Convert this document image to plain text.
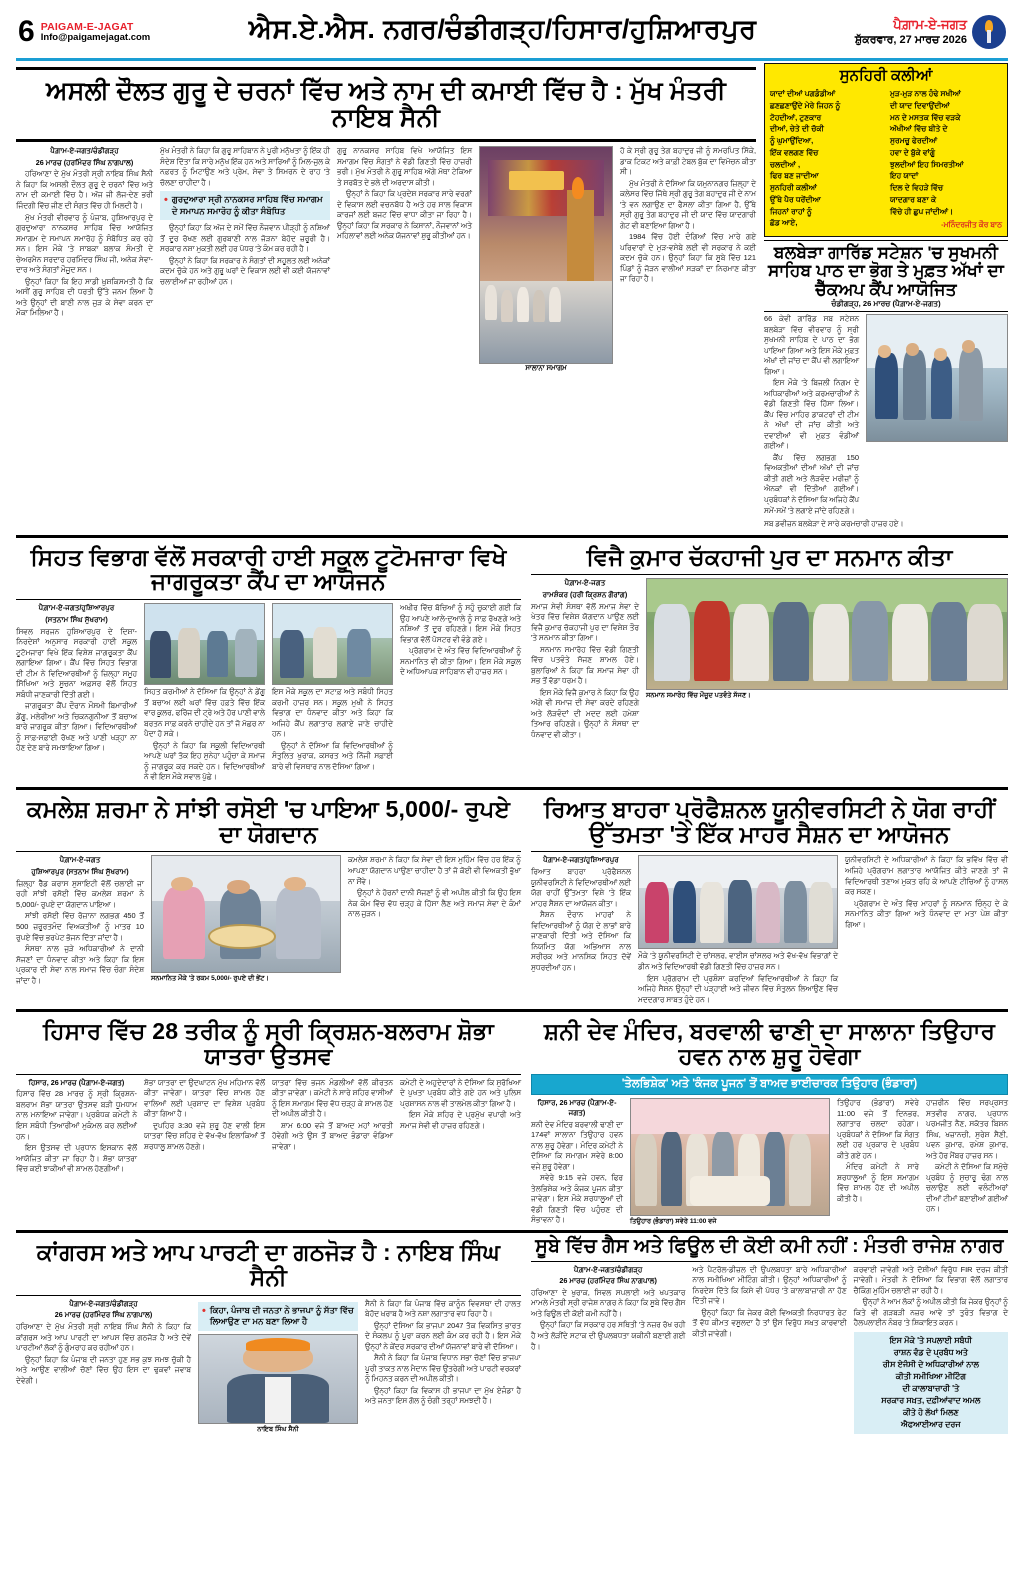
6 PAIGAM-E-JAGAT
Info@paigamejagat.com	ਐਸ.ਏ.ਐਸ. ਨਗਰ/ਚੰਡੀਗੜ੍ਹ/ਹਿਸਾਰ/ਹੁਸ਼ਿਆਰਪੁਰ	ਪੈਗ਼ਾਮ-ਏ-ਜਗਤ
ਸ਼ੁੱਕਰਵਾਰ, 27 ਮਾਰਚ 2026
ਅਸਲੀ ਦੌਲਤ ਗੁਰੂ ਦੇ ਚਰਨਾਂ ਵਿੱਚ ਅਤੇ ਨਾਮ ਦੀ ਕਮਾਈ ਵਿੱਚ ਹੈ : ਮੁੱਖ ਮੰਤਰੀ ਨਾਇਬ ਸੈਨੀ
ਪੈਗ਼ਾਮ-ਏ-ਜਗਤ/ਚੰਡੀਗੜ੍ਹ
26 ਮਾਰਚ (ਹਰਮਿੰਦਰ ਸਿੰਘ ਨਾਗਪਾਲ)

ਹਰਿਆਣਾ ਦੇ ਮੁੱਖ ਮੰਤਰੀ ਸ੍ਰੀ ਨਾਇਬ ਸਿੰਘ ਸੈਨੀ ਨੇ ਕਿਹਾ ਕਿ ਅਸਲੀ ਦੌਲਤ ਗੁਰੂ ਦੇ ਚਰਨਾਂ ਵਿੱਚ ਅਤੇ ਨਾਮ ਦੀ ਕਮਾਈ ਵਿੱਚ ਹੈ। ਅੱਜ ਜੀ ਲੱਜ-ਦੇਣ ਭਰੀ ਜਿੰਦਗੀ ਵਿੱਚ ਜੀਣ ਦੀ ਸੰਗਤ ਵਿੱਚ ਹੀ ਮਿਲਦੀ ਹੈ।

ਮੁੱਖ ਮੰਤਰੀ ਵੀਰਵਾਰ ਨੂੰ ਪੰਜਾਬ, ਹੁਸ਼ਿਆਰਪੁਰ ਦੇ ਗੁਰਦੁਆਰਾ ਨਾਨਕਸਰ ਸਾਹਿਬ ਵਿੱਚ ਆਯੋਜਿਤ ਸਮਾਗਮ ਦੇ ਸਮਾਪਨ ਸਮਾਰੋਹ ਨੂੰ ਸੰਬੋਧਿਤ ਕਰ ਰਹੇ ਸਨ। ਇਸ ਮੌਕੇ 'ਤੇ ਸਾਬਕਾ ਬਲਾਕ ਸੰਮਤੀ ਦੇ ਚੇਅਰਮੈਨ ਸਰਦਾਰ ਹਰਮਿੰਦਰ ਸਿੰਘ ਜੀ, ਅਨੇਕ ਸੇਵਾ-ਦਾਰ ਅਤੇ ਸੰਗਤਾਂ ਮੌਜੂਦ ਸਨ।

ਉਨ੍ਹਾਂ ਕਿਹਾ ਕਿ ਇਹ ਸਾਡੀ ਖ਼ੁਸ਼ਕਿਸਮਤੀ ਹੈ ਕਿ ਅਸੀਂ ਗੁਰੂ ਸਾਹਿਬ ਦੀ ਧਰਤੀ ਉੱਤੇ ਜਨਮ ਲਿਆ ਹੈ ਅਤੇ ਉਨ੍ਹਾਂ ਦੀ ਬਾਣੀ ਨਾਲ ਜੁੜ ਕੇ ਸੇਵਾ ਕਰਨ ਦਾ ਮੌਕਾ ਮਿਲਿਆ ਹੈ।

ਮੁੱਖ ਮੰਤਰੀ ਨੇ ਕਿਹਾ ਕਿ ਗੁਰੂ ਸਾਹਿਬਾਨ ਨੇ ਪੂਰੀ ਮਨੁੱਖਤਾ ਨੂੰ ਇੱਕ ਹੀ ਸੰਦੇਸ਼ ਦਿੱਤਾ ਕਿ ਸਾਰੇ ਮਨੁੱਖ ਇੱਕ ਹਨ ਅਤੇ ਸਾਰਿਆਂ ਨੂੰ ਮਿਲ-ਜੁਲ ਕੇ ਨਫ਼ਰਤ ਨੂੰ ਮਿਟਾਉਣ ਅਤੇ ਪ੍ਰੇਮ, ਸੇਵਾ ਤੇ ਸਿਮਰਨ ਦੇ ਰਾਹ 'ਤੇ ਚੱਲਣਾ ਚਾਹੀਦਾ ਹੈ।

• ਗੁਰਦੁਆਰਾ ਸ੍ਰੀ ਨਾਨਕਸਰ ਸਾਹਿਬ ਵਿੱਚ ਸਮਾਗਮ ਦੇ ਸਮਾਪਨ ਸਮਾਰੋਹ ਨੂੰ ਕੀਤਾ ਸੰਬੋਧਿਤ

ਉਨ੍ਹਾਂ ਕਿਹਾ ਕਿ ਅੱਜ ਦੇ ਸਮੇਂ ਵਿੱਚ ਨੌਜਵਾਨ ਪੀੜ੍ਹੀ ਨੂੰ ਨਸ਼ਿਆਂ ਤੋਂ ਦੂਰ ਰੱਖਣ ਲਈ ਗੁਰਬਾਣੀ ਨਾਲ ਜੋੜਨਾ ਬੇਹੱਦ ਜ਼ਰੂਰੀ ਹੈ। ਸਰਕਾਰ ਨਸ਼ਾ ਮੁਕਤੀ ਲਈ ਹਰ ਪੱਧਰ 'ਤੇ ਕੰਮ ਕਰ ਰਹੀ ਹੈ।

ਉਨ੍ਹਾਂ ਨੇ ਕਿਹਾ ਕਿ ਸਰਕਾਰ ਨੇ ਸੰਗਤਾਂ ਦੀ ਸਹੂਲਤ ਲਈ ਅਨੇਕਾਂ ਕਦਮ ਚੁੱਕੇ ਹਨ ਅਤੇ ਗੁਰੂ ਘਰਾਂ ਦੇ ਵਿਕਾਸ ਲਈ ਵੀ ਕਈ ਯੋਜਨਾਵਾਂ ਚਲਾਈਆਂ ਜਾ ਰਹੀਆਂ ਹਨ।

ਗੁਰੂ ਨਾਨਕਸਰ ਸਾਹਿਬ ਵਿਖੇ ਆਯੋਜਿਤ ਇਸ ਸਮਾਗਮ ਵਿੱਚ ਸੰਗਤਾਂ ਨੇ ਵੱਡੀ ਗਿਣਤੀ ਵਿੱਚ ਹਾਜ਼ਰੀ ਭਰੀ। ਮੁੱਖ ਮੰਤਰੀ ਨੇ ਗੁਰੂ ਸਾਹਿਬ ਅੱਗੇ ਮੱਥਾ ਟੇਕਿਆ ਤੇ ਸਰਬੱਤ ਦੇ ਭਲੇ ਦੀ ਅਰਦਾਸ ਕੀਤੀ।

ਉਨ੍ਹਾਂ ਨੇ ਕਿਹਾ ਕਿ ਪ੍ਰਦੇਸ਼ ਸਰਕਾਰ ਸਾਰੇ ਵਰਗਾਂ ਦੇ ਵਿਕਾਸ ਲਈ ਵਚਨਬੱਧ ਹੈ ਅਤੇ ਹਰ ਸਾਲ ਵਿਕਾਸ ਕਾਰਜਾਂ ਲਈ ਬਜਟ ਵਿੱਚ ਵਾਧਾ ਕੀਤਾ ਜਾ ਰਿਹਾ ਹੈ। ਉਨ੍ਹਾਂ ਕਿਹਾ ਕਿ ਸਰਕਾਰ ਨੇ ਕਿਸਾਨਾਂ, ਨੌਜਵਾਨਾਂ ਅਤੇ ਮਹਿਲਾਵਾਂ ਲਈ ਅਨੇਕ ਯੋਜਨਾਵਾਂ ਸ਼ੁਰੂ ਕੀਤੀਆਂ ਹਨ।

ਸਾਲਾਨਾ ਸਮਾਗਮ

ਹੋ ਕੇ ਸ੍ਰੀ ਗੁਰੂ ਤੇਗ ਬਹਾਦੁਰ ਜੀ ਨੂੰ ਸਮਰਪਿਤ ਸਿੱਕੇ, ਡਾਕ ਟਿਕਟ ਅਤੇ ਕਾਫ਼ੀ ਟੇਬਲ ਬੁੱਕ ਦਾ ਵਿਮੋਚਨ ਕੀਤਾ ਸੀ।

ਮੁੱਖ ਮੰਤਰੀ ਨੇ ਦੱਸਿਆ ਕਿ ਯਮੁਨਾਨਗਰ ਜ਼ਿਲ੍ਹਾ ਦੇ ਕਲੇਸਰ ਵਿੱਚ ਜਿੱਥੇ ਸ੍ਰੀ ਗੁਰੂ ਤੇਗ ਬਹਾਦੁਰ ਜੀ ਦੇ ਨਾਮ 'ਤੇ ਵਨ ਲਗਾਉਣ ਦਾ ਫੈਸਲਾ ਕੀਤਾ ਗਿਆ ਹੈ, ਉੱਥੇ ਸ੍ਰੀ ਗੁਰੂ ਤੇਗ ਬਹਾਦੁਰ ਜੀ ਦੀ ਯਾਦ ਵਿੱਚ ਯਾਦਗਾਰੀ ਗੇਟ ਵੀ ਬਣਾਇਆ ਗਿਆ ਹੈ।

1984 ਵਿੱਚ ਹੋਈ ਦੰਗਿਆਂ ਵਿੱਚ ਮਾਰੇ ਗਏ ਪਰਿਵਾਰਾਂ ਦੇ ਮੁੜ-ਵਸੇਬੇ ਲਈ ਵੀ ਸਰਕਾਰ ਨੇ ਕਈ ਕਦਮ ਚੁੱਕੇ ਹਨ। ਉਨ੍ਹਾਂ ਕਿਹਾ ਕਿ ਸੂਬੇ ਵਿੱਚ 121 ਪਿੰਡਾਂ ਨੂੰ ਜੋੜਨ ਵਾਲੀਆਂ ਸੜਕਾਂ ਦਾ ਨਿਰਮਾਣ ਕੀਤਾ ਜਾ ਰਿਹਾ ਹੈ।

ਸੁਨਹਿਰੀ ਕਲੀਆਂ
ਯਾਦਾਂ ਦੀਆਂ ਪਗਡੰਡੀਆਂ
ਛਣਛਣਾਉਂਦੇ ਮੇਰੇ ਜਿਹਨ ਨੂੰ
ਟੋਹਦੀਆਂ, ਟੁਣਕਾਰ
ਦੀਆਂ, ਚੇਤੇ ਦੀ ਚੱਕੀ
ਨੂੰ ਘੁਮਾਉਂਦਿਆ,
ਇੱਕ ਵਲਗਣ ਵਿੱਚ
ਚਲਦੀਆਂ ,
ਫਿਰ ਬਣ ਜਾਦੀਆ
ਸੁਨਹਿਰੀ ਕਲੀਆਂ
ਉੱਥੇ ਪੈਰ ਧਰੇਂਦੀਆ
ਜਿਹਨਾਂ ਰਾਹਾਂ ਨੂੰ
ਛੱਡ ਆਏ,
ਮੁੜ-ਮੁੜ ਨਾਲ ਹੰਢੇ ਸਖੀਆਂ
ਦੀ ਯਾਦ ਦਿਵਾਉਂਦੀਆਂ
ਮਨ ਦੇ ਮਸਤਕ ਵਿੱਚ ਵੜਕੇ
ਅੱਖੀਆਂ ਵਿੱਚ ਬੀਤੇ ਦੇ
ਸੁਰਮਚੂ ਫੇਰਦੀਆਂ
ਹਵਾ ਦੇ ਬੁੱਕੇ ਵਾਂਗੂੰ
ਝੁਲਦੀਆਂ ਇਹ ਸਿਮਰਤੀਆਂ
ਇਹ ਯਾਦਾਂ
ਦਿਲ ਦੇ ਵਿਹੜੇ ਵਿੱਚ
ਯਾਦਗਾਰ ਬਣਾ ਕੇ
ਵਿੱਚੇ ਹੀ ਛੁਪ ਜਾਂਦੀਆਂ।
-ਮਨਿੰਦਰਜੀਤ ਕੌਰ ਬਾਠ
ਬਲਬੇੜਾ ਗਾਰਿੱਡ ਸਟੇਸ਼ਨ 'ਚ ਸੁਖਮਨੀ ਸਾਹਿਬ ਪਾਠ ਦਾ ਭੋਗ ਤੇ ਮੁਫ਼ਤ ਅੱਖਾਂ ਦਾ ਚੈੱਕਅਪ ਕੈਂਪ ਆਯੋਜਿਤ
ਚੰਡੀਗੜ੍ਹ, 26 ਮਾਰਚ (ਪੈਗ਼ਾਮ-ਏ-ਜਗਤ)

66 ਕੇਵੀ ਗਾਰਿੱਡ ਸਬ ਸਟੇਸ਼ਨ ਬਲਬੇੜਾ ਵਿੱਚ ਵੀਰਵਾਰ ਨੂੰ ਸ੍ਰੀ ਸੁਖਮਨੀ ਸਾਹਿਬ ਦੇ ਪਾਠ ਦਾ ਭੋਗ ਪਾਇਆ ਗਿਆ ਅਤੇ ਇਸ ਮੌਕੇ ਮੁਫ਼ਤ ਅੱਖਾਂ ਦੀ ਜਾਂਚ ਦਾ ਕੈਂਪ ਵੀ ਲਗਾਇਆ ਗਿਆ।

ਇਸ ਮੌਕੇ 'ਤੇ ਬਿਜਲੀ ਨਿਗਮ ਦੇ ਅਧਿਕਾਰੀਆਂ ਅਤੇ ਕਰਮਚਾਰੀਆਂ ਨੇ ਵੱਡੀ ਗਿਣਤੀ ਵਿੱਚ ਹਿੱਸਾ ਲਿਆ। ਕੈਂਪ ਵਿੱਚ ਮਾਹਿਰ ਡਾਕਟਰਾਂ ਦੀ ਟੀਮ ਨੇ ਅੱਖਾਂ ਦੀ ਜਾਂਚ ਕੀਤੀ ਅਤੇ ਦਵਾਈਆਂ ਵੀ ਮੁਫ਼ਤ ਵੰਡੀਆਂ ਗਈਆਂ।

ਕੈਂਪ ਵਿੱਚ ਲਗਭਗ 150 ਵਿਅਕਤੀਆਂ ਦੀਆਂ ਅੱਖਾਂ ਦੀ ਜਾਂਚ ਕੀਤੀ ਗਈ ਅਤੇ ਲੋੜਵੰਦ ਮਰੀਜ਼ਾਂ ਨੂੰ ਐਨਕਾਂ ਵੀ ਦਿੱਤੀਆਂ ਗਈਆਂ। ਪ੍ਰਬੰਧਕਾਂ ਨੇ ਦੱਸਿਆ ਕਿ ਅਜਿਹੇ ਕੈਂਪ ਸਮੇਂ-ਸਮੇਂ 'ਤੇ ਲਗਾਏ ਜਾਂਦੇ ਰਹਿਣਗੇ।

ਸਬ ਡਵੀਜ਼ਨ ਬਲਬੇੜਾ ਦੇ ਸਾਰੇ ਕਰਮਚਾਰੀ ਹਾਜ਼ਰ ਹਏ।

ਸਿਹਤ ਵਿਭਾਗ ਵੱਲੋਂ ਸਰਕਾਰੀ ਹਾਈ ਸਕੂਲ ਟੂਟੋਮਜਾਰਾ ਵਿਖੇ ਜਾਗਰੂਕਤਾ ਕੈਂਪ ਦਾ ਆਯੋਜਨ
ਪੈਗ਼ਾਮ-ਏ-ਜਗਤ/ਹੁਸ਼ਿਆਰਪੁਰ
(ਸਤਨਾਮ ਸਿੰਘ ਸੁੱਖਰਾਮ)

ਸਿਵਲ ਸਰਜਨ ਹੁਸ਼ਿਆਰਪੁਰ ਦੇ ਦਿਸ਼ਾ-ਨਿਰਦੇਸ਼ਾਂ ਅਨੁਸਾਰ ਸਰਕਾਰੀ ਹਾਈ ਸਕੂਲ ਟੂਟੋਮਜਾਰਾ ਵਿਖੇ ਇੱਕ ਵਿਸ਼ੇਸ਼ ਜਾਗਰੂਕਤਾ ਕੈਂਪ ਲਗਾਇਆ ਗਿਆ। ਕੈਂਪ ਵਿੱਚ ਸਿਹਤ ਵਿਭਾਗ ਦੀ ਟੀਮ ਨੇ ਵਿਦਿਆਰਥੀਆਂ ਨੂੰ ਜ਼ਿਲ੍ਹਾ ਸਮੂਹ ਸਿੱਖਿਆ ਅਤੇ ਸੂਚਨਾ ਅਫ਼ਸਰ ਵੱਲੋਂ ਸਿਹਤ ਸਬੰਧੀ ਜਾਣਕਾਰੀ ਦਿੱਤੀ ਗਈ।

ਜਾਗਰੂਕਤਾ ਕੈਂਪ ਦੌਰਾਨ ਮੌਸਮੀ ਬਿਮਾਰੀਆਂ ਡੇਂਗੂ, ਮਲੇਰੀਆ ਅਤੇ ਚਿਕਨਗੁਨੀਆ ਤੋਂ ਬਚਾਅ ਬਾਰੇ ਜਾਗਰੂਕ ਕੀਤਾ ਗਿਆ। ਵਿਦਿਆਰਥੀਆਂ ਨੂੰ ਸਾਫ਼-ਸਫ਼ਾਈ ਰੱਖਣ ਅਤੇ ਪਾਣੀ ਖੜ੍ਹਾ ਨਾ ਹੋਣ ਦੇਣ ਬਾਰੇ ਸਮਝਾਇਆ ਗਿਆ।

ਸਿਹਤ ਕਰਮੀਆਂ ਨੇ ਦੱਸਿਆ ਕਿ ਉਨ੍ਹਾਂ ਨੇ ਡੇਂਗੂ ਤੋਂ ਬਚਾਅ ਲਈ ਘਰਾਂ ਵਿੱਚ ਹਫ਼ਤੇ ਵਿੱਚ ਇੱਕ ਵਾਰ ਕੂਲਰ, ਫਰਿੱਜ ਦੀ ਟ੍ਰੇ ਅਤੇ ਹੋਰ ਪਾਣੀ ਵਾਲੇ ਬਰਤਨ ਸਾਫ਼ ਕਰਨੇ ਚਾਹੀਦੇ ਹਨ ਤਾਂ ਜੋ ਮੱਛਰ ਨਾ ਪੈਦਾ ਹੋ ਸਕੇ।

ਉਨ੍ਹਾਂ ਨੇ ਕਿਹਾ ਕਿ ਸਕੂਲੀ ਵਿਦਿਆਰਥੀ ਆਪਣੇ ਘਰਾਂ ਤੱਕ ਇਹ ਸੁਨੇਹਾ ਪਹੁੰਚਾ ਕੇ ਸਮਾਜ ਨੂੰ ਜਾਗਰੂਕ ਕਰ ਸਕਦੇ ਹਨ। ਵਿਦਿਆਰਥੀਆਂ ਨੇ ਵੀ ਇਸ ਮੌਕੇ ਸਵਾਲ ਪੁੱਛੇ।

ਇਸ ਮੌਕੇ ਸਕੂਲ ਦਾ ਸਟਾਫ਼ ਅਤੇ ਸਬੰਧੀ ਸਿਹਤ ਕਰਮੀ ਹਾਜ਼ਰ ਸਨ। ਸਕੂਲ ਮੁਖੀ ਨੇ ਸਿਹਤ ਵਿਭਾਗ ਦਾ ਧੰਨਵਾਦ ਕੀਤਾ ਅਤੇ ਕਿਹਾ ਕਿ ਅਜਿਹੇ ਕੈਂਪ ਲਗਾਤਾਰ ਲਗਾਏ ਜਾਣੇ ਚਾਹੀਦੇ ਹਨ।

ਉਨ੍ਹਾਂ ਨੇ ਦੱਸਿਆ ਕਿ ਵਿਦਿਆਰਥੀਆਂ ਨੂੰ ਸੰਤੁਲਿਤ ਖੁਰਾਕ, ਕਸਰਤ ਅਤੇ ਨਿੱਜੀ ਸਫ਼ਾਈ ਬਾਰੇ ਵੀ ਵਿਸਥਾਰ ਨਾਲ ਦੱਸਿਆ ਗਿਆ।

ਅਖ਼ੀਰ ਵਿੱਚ ਬੱਚਿਆਂ ਨੂੰ ਸਹੁੰ ਚੁਕਾਈ ਗਈ ਕਿ ਉਹ ਆਪਣੇ ਆਲੇ-ਦੁਆਲੇ ਨੂੰ ਸਾਫ਼ ਰੱਖਣਗੇ ਅਤੇ ਨਸ਼ਿਆਂ ਤੋਂ ਦੂਰ ਰਹਿਣਗੇ। ਇਸ ਮੌਕੇ ਸਿਹਤ ਵਿਭਾਗ ਵੱਲੋਂ ਪੋਸਟਰ ਵੀ ਵੰਡੇ ਗਏ।

ਪ੍ਰੋਗਰਾਮ ਦੇ ਅੰਤ ਵਿੱਚ ਵਿਦਿਆਰਥੀਆਂ ਨੂੰ ਸਨਮਾਨਿਤ ਵੀ ਕੀਤਾ ਗਿਆ। ਇਸ ਮੌਕੇ ਸਕੂਲ ਦੇ ਅਧਿਆਪਕ ਸਾਹਿਬਾਨ ਵੀ ਹਾਜ਼ਰ ਸਨ।

ਵਿਜੈ ਕੁਮਾਰ ਚੱਕਹਾਜੀ ਪੁਰ ਦਾ ਸਨਮਾਨ ਕੀਤਾ
ਪੈਗ਼ਾਮ-ਏ-ਜਗਤ
ਰਾਮਸ਼ੰਕਰ (ਹਰੀ ਕ੍ਰਿਸ਼ਨ ਗੌਰਾਂਗ)

ਸਮਾਜ ਸੇਵੀ ਸੰਸਥਾ ਵੱਲੋਂ ਸਮਾਜ ਸੇਵਾ ਦੇ ਖੇਤਰ ਵਿੱਚ ਵਿਸ਼ੇਸ਼ ਯੋਗਦਾਨ ਪਾਉਣ ਲਈ ਵਿਜੈ ਕੁਮਾਰ ਚੱਕਹਾਜੀ ਪੁਰ ਦਾ ਵਿਸ਼ੇਸ਼ ਤੌਰ 'ਤੇ ਸਨਮਾਨ ਕੀਤਾ ਗਿਆ।

ਸਨਮਾਨ ਸਮਾਰੋਹ ਵਿੱਚ ਵੱਡੀ ਗਿਣਤੀ ਵਿੱਚ ਪਤਵੰਤੇ ਸੱਜਣ ਸ਼ਾਮਲ ਹੋਏ। ਬੁਲਾਰਿਆਂ ਨੇ ਕਿਹਾ ਕਿ ਸਮਾਜ ਸੇਵਾ ਹੀ ਸਭ ਤੋਂ ਵੱਡਾ ਧਰਮ ਹੈ।

ਇਸ ਮੌਕੇ ਵਿਜੈ ਕੁਮਾਰ ਨੇ ਕਿਹਾ ਕਿ ਉਹ ਅੱਗੇ ਵੀ ਸਮਾਜ ਦੀ ਸੇਵਾ ਕਰਦੇ ਰਹਿਣਗੇ ਅਤੇ ਲੋੜਵੰਦਾਂ ਦੀ ਮਦਦ ਲਈ ਹਮੇਸ਼ਾ ਤਿਆਰ ਰਹਿਣਗੇ। ਉਨ੍ਹਾਂ ਨੇ ਸੰਸਥਾ ਦਾ ਧੰਨਵਾਦ ਵੀ ਕੀਤਾ।

ਸਨਮਾਨ ਸਮਾਰੋਹ ਵਿੱਚ ਮੌਜੂਦ ਪਤਵੰਤੇ ਸੱਜਣ।
ਕਮਲੇਸ਼ ਸ਼ਰਮਾ ਨੇ ਸਾਂਝੀ ਰਸੋਈ 'ਚ ਪਾਇਆ 5,000/- ਰੁਪਏ ਦਾ ਯੋਗਦਾਨ
ਪੈਗ਼ਾਮ-ਏ-ਜਗਤ
ਹੁਸ਼ਿਆਰਪੁਰ (ਸਤਨਾਮ ਸਿੰਘ ਸੁੱਖਰਾਮ)

ਜ਼ਿਲ੍ਹਾ ਰੈੱਡ ਕਰਾਸ ਸੁਸਾਇਟੀ ਵੱਲੋਂ ਚਲਾਈ ਜਾ ਰਹੀ ਸਾਂਝੀ ਰਸੋਈ ਵਿੱਚ ਕਮਲੇਸ਼ ਸ਼ਰਮਾ ਨੇ 5,000/- ਰੁਪਏ ਦਾ ਯੋਗਦਾਨ ਪਾਇਆ।

ਸਾਂਝੀ ਰਸੋਈ ਵਿੱਚ ਰੋਜ਼ਾਨਾ ਲਗਭਗ 450 ਤੋਂ 500 ਜ਼ਰੂਰਤਮੰਦ ਵਿਅਕਤੀਆਂ ਨੂੰ ਮਾਤਰ 10 ਰੁਪਏ ਵਿੱਚ ਭਰਪੇਟ ਭੋਜਨ ਦਿੱਤਾ ਜਾਂਦਾ ਹੈ।

ਸੰਸਥਾ ਨਾਲ ਜੁੜੇ ਅਧਿਕਾਰੀਆਂ ਨੇ ਦਾਨੀ ਸੱਜਣਾਂ ਦਾ ਧੰਨਵਾਦ ਕੀਤਾ ਅਤੇ ਕਿਹਾ ਕਿ ਇਸ ਪ੍ਰਕਾਰ ਦੀ ਸੇਵਾ ਨਾਲ ਸਮਾਜ ਵਿੱਚ ਚੰਗਾ ਸੰਦੇਸ਼ ਜਾਂਦਾ ਹੈ।	ਸਨਮਾਨਿਤ ਮੌਕੇ 'ਤੇ ਰਕਮ 5,000/- ਰੁਪਏ ਦੀ ਭੇਂਟ।

ਕਮਲੇਸ਼ ਸ਼ਰਮਾ ਨੇ ਕਿਹਾ ਕਿ ਸੇਵਾ ਦੀ ਇਸ ਮੁਹਿੰਮ ਵਿੱਚ ਹਰ ਇੱਕ ਨੂੰ ਆਪਣਾ ਯੋਗਦਾਨ ਪਾਉਣਾ ਚਾਹੀਦਾ ਹੈ ਤਾਂ ਜੋ ਕੋਈ ਵੀ ਵਿਅਕਤੀ ਭੁੱਖਾ ਨਾ ਸੌਂਵੇ।

ਉਨ੍ਹਾਂ ਨੇ ਹੋਰਨਾਂ ਦਾਨੀ ਸੱਜਣਾਂ ਨੂੰ ਵੀ ਅਪੀਲ ਕੀਤੀ ਕਿ ਉਹ ਇਸ ਨੇਕ ਕੰਮ ਵਿੱਚ ਵੱਧ ਚੜ੍ਹ ਕੇ ਹਿੱਸਾ ਲੈਣ ਅਤੇ ਸਮਾਜ ਸੇਵਾ ਦੇ ਕੰਮਾਂ ਨਾਲ ਜੁੜਨ।

ਰਿਆਤ ਬਾਹਰਾ ਪ੍ਰੋਫੈਸ਼ਨਲ ਯੂਨੀਵਰਸਿਟੀ ਨੇ ਯੋਗ ਰਾਹੀਂ ਉੱਤਮਤਾ 'ਤੇ ਇੱਕ ਮਾਹਰ ਸੈਸ਼ਨ ਦਾ ਆਯੋਜਨ
ਪੈਗ਼ਾਮ-ਏ-ਜਗਤ/ਹੁਸ਼ਿਆਰਪੁਰ

ਰਿਆਤ ਬਾਹਰਾ ਪ੍ਰੋਫੈਸ਼ਨਲ ਯੂਨੀਵਰਸਿਟੀ ਨੇ ਵਿਦਿਆਰਥੀਆਂ ਲਈ ਯੋਗ ਰਾਹੀਂ ਉੱਤਮਤਾ ਵਿਸ਼ੇ 'ਤੇ ਇੱਕ ਮਾਹਰ ਸੈਸ਼ਨ ਦਾ ਆਯੋਜਨ ਕੀਤਾ।

ਸੈਸ਼ਨ ਦੌਰਾਨ ਮਾਹਰਾਂ ਨੇ ਵਿਦਿਆਰਥੀਆਂ ਨੂੰ ਯੋਗ ਦੇ ਲਾਭਾਂ ਬਾਰੇ ਜਾਣਕਾਰੀ ਦਿੱਤੀ ਅਤੇ ਦੱਸਿਆ ਕਿ ਨਿਯਮਿਤ ਯੋਗ ਅਭਿਆਸ ਨਾਲ ਸਰੀਰਕ ਅਤੇ ਮਾਨਸਿਕ ਸਿਹਤ ਦੋਵੇਂ ਸੁਧਰਦੀਆਂ ਹਨ।

ਮੌਕੇ 'ਤੇ ਯੂਨੀਵਰਸਿਟੀ ਦੇ ਚਾਂਸਲਰ, ਵਾਈਸ ਚਾਂਸਲਰ ਅਤੇ ਵੱਖ-ਵੱਖ ਵਿਭਾਗਾਂ ਦੇ ਡੀਨ ਅਤੇ ਵਿਦਿਆਰਥੀ ਵੱਡੀ ਗਿਣਤੀ ਵਿੱਚ ਹਾਜ਼ਰ ਸਨ।

ਇਸ ਪ੍ਰੋਗਰਾਮ ਦੀ ਪ੍ਰਸ਼ੰਸਾ ਕਰਦਿਆਂ ਵਿਦਿਆਰਥੀਆਂ ਨੇ ਕਿਹਾ ਕਿ ਅਜਿਹੇ ਸੈਸ਼ਨ ਉਨ੍ਹਾਂ ਦੀ ਪੜ੍ਹਾਈ ਅਤੇ ਜੀਵਨ ਵਿੱਚ ਸੰਤੁਲਨ ਲਿਆਉਣ ਵਿੱਚ ਮਦਦਗਾਰ ਸਾਬਤ ਹੁੰਦੇ ਹਨ।

ਯੂਨੀਵਰਸਿਟੀ ਦੇ ਅਧਿਕਾਰੀਆਂ ਨੇ ਕਿਹਾ ਕਿ ਭਵਿੱਖ ਵਿੱਚ ਵੀ ਅਜਿਹੇ ਪ੍ਰੋਗਰਾਮ ਲਗਾਤਾਰ ਆਯੋਜਿਤ ਕੀਤੇ ਜਾਣਗੇ ਤਾਂ ਜੋ ਵਿਦਿਆਰਥੀ ਤਣਾਅ ਮੁਕਤ ਰਹਿ ਕੇ ਆਪਣੇ ਟੀਚਿਆਂ ਨੂੰ ਹਾਸਲ ਕਰ ਸਕਣ।

ਪ੍ਰੋਗਰਾਮ ਦੇ ਅੰਤ ਵਿੱਚ ਮਾਹਰਾਂ ਨੂੰ ਸਨਮਾਨ ਚਿੰਨ੍ਹ ਦੇ ਕੇ ਸਨਮਾਨਿਤ ਕੀਤਾ ਗਿਆ ਅਤੇ ਧੰਨਵਾਦ ਦਾ ਮਤਾ ਪੇਸ਼ ਕੀਤਾ ਗਿਆ।

ਹਿਸਾਰ ਵਿੱਚ 28 ਤਰੀਕ ਨੂੰ ਸ੍ਰੀ ਕ੍ਰਿਸ਼ਨ-ਬਲਰਾਮ ਸ਼ੋਭਾ ਯਾਤਰਾ ਉਤਸਵ
ਹਿਸਾਰ, 26 ਮਾਰਚ (ਪੈਗ਼ਾਮ-ਏ-ਜਗਤ)

ਹਿਸਾਰ ਵਿੱਚ 28 ਮਾਰਚ ਨੂੰ ਸ੍ਰੀ ਕ੍ਰਿਸ਼ਨ-ਬਲਰਾਮ ਸ਼ੋਭਾ ਯਾਤਰਾ ਉਤਸਵ ਬੜੀ ਧੂਮਧਾਮ ਨਾਲ ਮਨਾਇਆ ਜਾਵੇਗਾ। ਪ੍ਰਬੰਧਕ ਕਮੇਟੀ ਨੇ ਇਸ ਸਬੰਧੀ ਤਿਆਰੀਆਂ ਮੁਕੰਮਲ ਕਰ ਲਈਆਂ ਹਨ।

ਇਸ ਉਤਸਵ ਦੀ ਪ੍ਰਧਾਨ ਇਸਕਾਨ ਵੱਲੋਂ ਆਯੋਜਿਤ ਕੀਤਾ ਜਾ ਰਿਹਾ ਹੈ। ਸ਼ੋਭਾ ਯਾਤਰਾ ਵਿੱਚ ਕਈ ਝਾਕੀਆਂ ਵੀ ਸ਼ਾਮਲ ਹੋਣਗੀਆਂ।

ਸ਼ੋਭਾ ਯਾਤਰਾ ਦਾ ਉਦਘਾਟਨ ਮੁੱਖ ਮਹਿਮਾਨ ਵੱਲੋਂ ਕੀਤਾ ਜਾਵੇਗਾ। ਯਾਤਰਾ ਵਿੱਚ ਸ਼ਾਮਲ ਹੋਣ ਵਾਲਿਆਂ ਲਈ ਪ੍ਰਸ਼ਾਦ ਦਾ ਵਿਸ਼ੇਸ਼ ਪ੍ਰਬੰਧ ਕੀਤਾ ਗਿਆ ਹੈ।

ਦੁਪਹਿਰ 3:30 ਵਜੇ ਸ਼ੁਰੂ ਹੋਣ ਵਾਲੀ ਇਸ ਯਾਤਰਾ ਵਿੱਚ ਸ਼ਹਿਰ ਦੇ ਵੱਖ-ਵੱਖ ਇਲਾਕਿਆਂ ਤੋਂ ਸ਼ਰਧਾਲੂ ਸ਼ਾਮਲ ਹੋਣਗੇ।

ਯਾਤਰਾ ਵਿੱਚ ਭਜਨ ਮੰਡਲੀਆਂ ਵੱਲੋਂ ਕੀਰਤਨ ਕੀਤਾ ਜਾਵੇਗਾ। ਕਮੇਟੀ ਨੇ ਸਾਰੇ ਸ਼ਹਿਰ ਵਾਸੀਆਂ ਨੂੰ ਇਸ ਸਮਾਗਮ ਵਿੱਚ ਵੱਧ ਚੜ੍ਹ ਕੇ ਸ਼ਾਮਲ ਹੋਣ ਦੀ ਅਪੀਲ ਕੀਤੀ ਹੈ।

ਸ਼ਾਮ 6:00 ਵਜੇ ਤੋਂ ਬਾਅਦ ਮਹਾਂ ਆਰਤੀ ਹੋਵੇਗੀ ਅਤੇ ਉਸ ਤੋਂ ਬਾਅਦ ਭੰਡਾਰਾ ਵੰਡਿਆ ਜਾਵੇਗਾ।

ਕਮੇਟੀ ਦੇ ਅਹੁਦੇਦਾਰਾਂ ਨੇ ਦੱਸਿਆ ਕਿ ਸੁਰੱਖਿਆ ਦੇ ਪੁਖਤਾ ਪ੍ਰਬੰਧ ਕੀਤੇ ਗਏ ਹਨ ਅਤੇ ਪੁਲਿਸ ਪ੍ਰਸ਼ਾਸਨ ਨਾਲ ਵੀ ਤਾਲਮੇਲ ਕੀਤਾ ਗਿਆ ਹੈ।

ਇਸ ਮੌਕੇ ਸ਼ਹਿਰ ਦੇ ਪ੍ਰਮੁੱਖ ਵਪਾਰੀ ਅਤੇ ਸਮਾਜ ਸੇਵੀ ਵੀ ਹਾਜ਼ਰ ਰਹਿਣਗੇ।

ਸ਼ਨੀ ਦੇਵ ਮੰਦਿਰ, ਬਰਵਾਲੀ ਢਾਣੀ ਦਾ ਸਾਲਾਨਾ ਤਿਉਹਾਰ ਹਵਨ ਨਾਲ ਸ਼ੁਰੂ ਹੋਵੇਗਾ
'ਤੇਲਭਿਸ਼ੇਕ' ਅਤੇ 'ਕੰਜਕ ਪੂਜਨ' ਤੋਂ ਬਾਅਦ ਭਾਈਚਾਰਕ ਤਿਉਹਾਰ (ਭੰਡਾਰਾ)
ਹਿਸਾਰ, 26 ਮਾਰਚ (ਪੈਗ਼ਾਮ-ਏ-ਜਗਤ)

ਸ਼ਨੀ ਦੇਵ ਮੰਦਿਰ ਬਰਵਾਲੀ ਢਾਣੀ ਦਾ 174ਵਾਂ ਸਾਲਾਨਾ ਤਿਉਹਾਰ ਹਵਨ ਨਾਲ ਸ਼ੁਰੂ ਹੋਵੇਗਾ। ਮੰਦਿਰ ਕਮੇਟੀ ਨੇ ਦੱਸਿਆ ਕਿ ਸਮਾਗਮ ਸਵੇਰੇ 8:00 ਵਜੇ ਸ਼ੁਰੂ ਹੋਵੇਗਾ।

ਸਵੇਰੇ 9:15 ਵਜੇ ਹਵਨ, ਫਿਰ ਤੇਲਭਿਸ਼ੇਕ ਅਤੇ ਕੰਜਕ ਪੂਜਨ ਕੀਤਾ ਜਾਵੇਗਾ। ਇਸ ਮੌਕੇ ਸ਼ਰਧਾਲੂਆਂ ਦੀ ਵੱਡੀ ਗਿਣਤੀ ਵਿੱਚ ਪਹੁੰਚਣ ਦੀ ਸੰਭਾਵਨਾ ਹੈ।	ਤਿਉਹਾਰ (ਭੰਡਾਰਾ) ਸਵੇਰੇ 11:00 ਵਜੇ

ਤਿਉਹਾਰ (ਭੰਡਾਰਾ) ਸਵੇਰੇ 11:00 ਵਜੇ ਤੋਂ ਦਿਨਭਰ, ਲਗਾਤਾਰ ਚਲਦਾ ਰਹੇਗਾ। ਪ੍ਰਬੰਧਕਾਂ ਨੇ ਦੱਸਿਆ ਕਿ ਸੰਗਤ ਲਈ ਹਰ ਪ੍ਰਕਾਰ ਦੇ ਪ੍ਰਬੰਧ ਕੀਤੇ ਗਏ ਹਨ।

ਮੰਦਿਰ ਕਮੇਟੀ ਨੇ ਸਾਰੇ ਸ਼ਰਧਾਲੂਆਂ ਨੂੰ ਇਸ ਸਮਾਗਮ ਵਿੱਚ ਸ਼ਾਮਲ ਹੋਣ ਦੀ ਅਪੀਲ ਕੀਤੀ ਹੈ।

ਹਾਜ਼ਰੀਨ ਵਿੱਚ ਸਰਪ੍ਰਸਤ ਸਤਵੀਰ ਨਾਗਰ, ਪ੍ਰਧਾਨ ਪਰਮਜੀਤ ਨੈਣ, ਸਕੱਤਰ ਬਿਸ਼ਨ ਸਿੰਘ, ਖਜ਼ਾਨਚੀ, ਸੁਰੇਸ਼ ਸੈਣੀ, ਪਵਨ ਕੁਮਾਰ, ਰਮੇਸ਼ ਕੁਮਾਰ, ਅਤੇ ਹੋਰ ਮੈਂਬਰ ਹਾਜ਼ਰ ਸਨ।

ਕਮੇਟੀ ਨੇ ਦੱਸਿਆ ਕਿ ਸਮੁੱਚੇ ਪ੍ਰਬੰਧ ਨੂੰ ਸੁਚਾਰੂ ਢੰਗ ਨਾਲ ਚਲਾਉਣ ਲਈ ਵਲੰਟੀਅਰਾਂ ਦੀਆਂ ਟੀਮਾਂ ਬਣਾਈਆਂ ਗਈਆਂ ਹਨ।

ਕਾਂਗਰਸ ਅਤੇ ਆਪ ਪਾਰਟੀ ਦਾ ਗਠਜੋੜ ਹੈ : ਨਾਇਬ ਸਿੰਘ ਸੈਨੀ
ਪੈਗ਼ਾਮ-ਏ-ਜਗਤ/ਚੰਡੀਗੜ੍ਹ
26 ਮਾਰਚ (ਹਰਮਿੰਦਰ ਸਿੰਘ ਨਾਗਪਾਲ)

ਹਰਿਆਣਾ ਦੇ ਮੁੱਖ ਮੰਤਰੀ ਸ੍ਰੀ ਨਾਇਬ ਸਿੰਘ ਸੈਨੀ ਨੇ ਕਿਹਾ ਕਿ ਕਾਂਗਰਸ ਅਤੇ ਆਪ ਪਾਰਟੀ ਦਾ ਆਪਸ ਵਿੱਚ ਗਠਜੋੜ ਹੈ ਅਤੇ ਦੋਵੇਂ ਪਾਰਟੀਆਂ ਲੋਕਾਂ ਨੂੰ ਗੁੰਮਰਾਹ ਕਰ ਰਹੀਆਂ ਹਨ।

ਉਨ੍ਹਾਂ ਕਿਹਾ ਕਿ ਪੰਜਾਬ ਦੀ ਜਨਤਾ ਹੁਣ ਸਭ ਕੁਝ ਸਮਝ ਚੁੱਕੀ ਹੈ ਅਤੇ ਆਉਣ ਵਾਲੀਆਂ ਚੋਣਾਂ ਵਿੱਚ ਉਹ ਇਸ ਦਾ ਢੁਕਵਾਂ ਜਵਾਬ ਦੇਵੇਗੀ।

• ਕਿਹਾ, ਪੰਜਾਬ ਦੀ ਜਨਤਾ ਨੇ ਭਾਜਪਾ ਨੂੰ ਸੱਤਾ ਵਿੱਚ ਲਿਆਉਣ ਦਾ ਮਨ ਬਣਾ ਲਿਆ ਹੈ
ਨਾਇਬ ਸਿੰਘ ਸੈਨੀ

ਸੈਨੀ ਨੇ ਕਿਹਾ ਕਿ ਪੰਜਾਬ ਵਿੱਚ ਕਾਨੂੰਨ ਵਿਵਸਥਾ ਦੀ ਹਾਲਤ ਬੇਹੱਦ ਖ਼ਰਾਬ ਹੈ ਅਤੇ ਨਸ਼ਾ ਲਗਾਤਾਰ ਵਧ ਰਿਹਾ ਹੈ।

ਉਨ੍ਹਾਂ ਦੱਸਿਆ ਕਿ ਭਾਜਪਾ 2047 ਤੱਕ ਵਿਕਸਿਤ ਭਾਰਤ ਦੇ ਸੰਕਲਪ ਨੂੰ ਪੂਰਾ ਕਰਨ ਲਈ ਕੰਮ ਕਰ ਰਹੀ ਹੈ। ਇਸ ਮੌਕੇ ਉਨ੍ਹਾਂ ਨੇ ਕੇਂਦਰ ਸਰਕਾਰ ਦੀਆਂ ਯੋਜਨਾਵਾਂ ਬਾਰੇ ਵੀ ਦੱਸਿਆ।

ਸੈਨੀ ਨੇ ਕਿਹਾ ਕਿ ਪੰਜਾਬ ਵਿਧਾਨ ਸਭਾ ਚੋਣਾਂ ਵਿੱਚ ਭਾਜਪਾ ਪੂਰੀ ਤਾਕਤ ਨਾਲ ਮੈਦਾਨ ਵਿੱਚ ਉਤਰੇਗੀ ਅਤੇ ਪਾਰਟੀ ਵਰਕਰਾਂ ਨੂੰ ਮਿਹਨਤ ਕਰਨ ਦੀ ਅਪੀਲ ਕੀਤੀ।

ਉਨ੍ਹਾਂ ਕਿਹਾ ਕਿ ਵਿਕਾਸ ਹੀ ਭਾਜਪਾ ਦਾ ਮੁੱਖ ਏਜੰਡਾ ਹੈ ਅਤੇ ਜਨਤਾ ਇਸ ਗੱਲ ਨੂੰ ਚੰਗੀ ਤਰ੍ਹਾਂ ਸਮਝਦੀ ਹੈ।

ਸੂਬੇ ਵਿੱਚ ਗੈਸ ਅਤੇ ਫਿਊਲ ਦੀ ਕੋਈ ਕਮੀ ਨਹੀਂ : ਮੰਤਰੀ ਰਾਜੇਸ਼ ਨਾਗਰ
ਪੈਗ਼ਾਮ-ਏ-ਜਗਤ/ਚੰਡੀਗੜ੍ਹ
26 ਮਾਰਚ (ਹਰਮਿੰਦਰ ਸਿੰਘ ਨਾਗਪਾਲ)

ਹਰਿਆਣਾ ਦੇ ਖੁਰਾਕ, ਸਿਵਲ ਸਪਲਾਈ ਅਤੇ ਖਪਤਕਾਰ ਮਾਮਲੇ ਮੰਤਰੀ ਸ੍ਰੀ ਰਾਜੇਸ਼ ਨਾਗਰ ਨੇ ਕਿਹਾ ਕਿ ਸੂਬੇ ਵਿੱਚ ਗੈਸ ਅਤੇ ਫਿਊਲ ਦੀ ਕੋਈ ਕਮੀ ਨਹੀਂ ਹੈ।

ਉਨ੍ਹਾਂ ਕਿਹਾ ਕਿ ਸਰਕਾਰ ਹਰ ਸਥਿਤੀ 'ਤੇ ਨਜ਼ਰ ਰੱਖ ਰਹੀ ਹੈ ਅਤੇ ਲੋੜੀਂਦੇ ਸਟਾਕ ਦੀ ਉਪਲਬਧਤਾ ਯਕੀਨੀ ਬਣਾਈ ਗਈ ਹੈ।

ਅਤੇ ਪੈਟਰੋਲ-ਡੀਜ਼ਲ ਦੀ ਉਪਲਬਧਤਾ ਬਾਰੇ ਅਧਿਕਾਰੀਆਂ ਨਾਲ ਸਮੀਖਿਆ ਮੀਟਿੰਗ ਕੀਤੀ। ਉਨ੍ਹਾਂ ਅਧਿਕਾਰੀਆਂ ਨੂੰ ਨਿਰਦੇਸ਼ ਦਿੱਤੇ ਕਿ ਕਿਸੇ ਵੀ ਪੱਧਰ 'ਤੇ ਕਾਲਾਬਾਜ਼ਾਰੀ ਨਾ ਹੋਣ ਦਿੱਤੀ ਜਾਵੇ।

ਉਨ੍ਹਾਂ ਕਿਹਾ ਕਿ ਜੇਕਰ ਕੋਈ ਵਿਅਕਤੀ ਨਿਰਧਾਰਤ ਰੇਟ ਤੋਂ ਵੱਧ ਕੀਮਤ ਵਸੂਲਦਾ ਹੈ ਤਾਂ ਉਸ ਵਿਰੁੱਧ ਸਖ਼ਤ ਕਾਰਵਾਈ ਕੀਤੀ ਜਾਵੇਗੀ।

ਕਰਵਾਈ ਜਾਵੇਗੀ ਅਤੇ ਦੋਸ਼ੀਆਂ ਵਿਰੁੱਧ FIR ਦਰਜ ਕੀਤੀ ਜਾਵੇਗੀ। ਮੰਤਰੀ ਨੇ ਦੱਸਿਆ ਕਿ ਵਿਭਾਗ ਵੱਲੋਂ ਲਗਾਤਾਰ ਚੈਕਿੰਗ ਮੁਹਿੰਮ ਚਲਾਈ ਜਾ ਰਹੀ ਹੈ।

ਉਨ੍ਹਾਂ ਨੇ ਆਮ ਲੋਕਾਂ ਨੂੰ ਅਪੀਲ ਕੀਤੀ ਕਿ ਜੇਕਰ ਉਨ੍ਹਾਂ ਨੂੰ ਕਿਤੇ ਵੀ ਗੜਬੜੀ ਨਜ਼ਰ ਆਵੇ ਤਾਂ ਤੁਰੰਤ ਵਿਭਾਗ ਦੇ ਹੈਲਪਲਾਈਨ ਨੰਬਰ 'ਤੇ ਸ਼ਿਕਾਇਤ ਕਰਨ।

ਇਸ ਮੌਕੇ 'ਤੇ ਸਪਲਾਈ ਸਬੰਧੀ
ਰਾਸ਼ਨ ਵੰਡ ਦੇ ਪ੍ਰਬੰਧ ਅਤੇ
ਰੀਸ ਏਜੰਸੀ ਦੇ ਅਧਿਕਾਰੀਆਂ ਨਾਲ
ਕੀਤੀ ਸਮੀਖਿਆ ਮੀਟਿੰਗ
ਦੀ ਕਾਲਾਬਾਜ਼ਾਰੀ 'ਤੇ
ਸਰਕਾਰ ਸਖ਼ਤ, ਦਫ਼ੀਆਂਵਾਦ ਅਮਲ
ਕੀਤੇ ਹੋ ਲੱਖਾਂ ਮਿਲਣ
ਐਫਆਈਆਰ ਦਰਜ
